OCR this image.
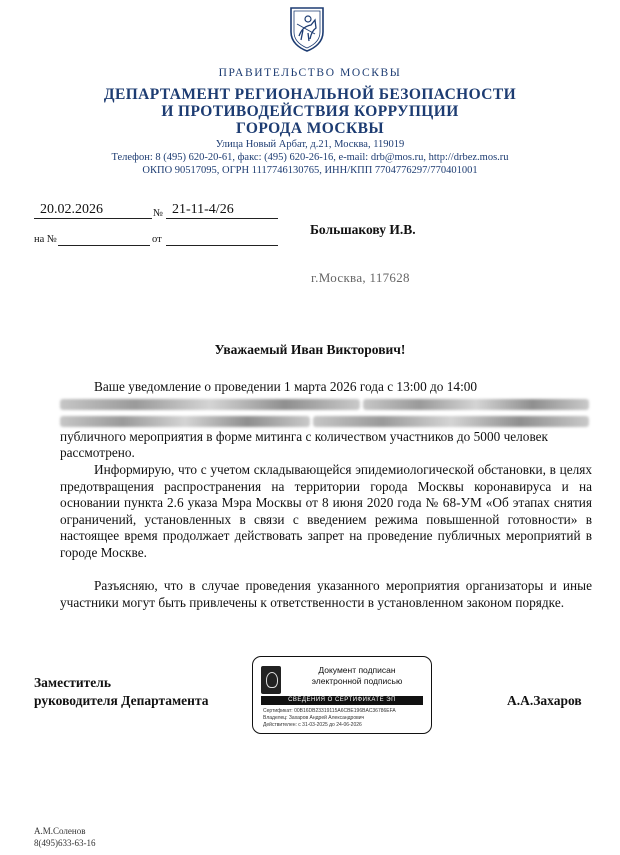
ПРАВИТЕЛЬСТВО МОСКВЫ
ДЕПАРТАМЕНТ РЕГИОНАЛЬНОЙ БЕЗОПАСНОСТИ
И ПРОТИВОДЕЙСТВИЯ КОРРУПЦИИ
ГОРОДА МОСКВЫ
Улица Новый Арбат, д.21, Москва, 119019
Телефон: 8 (495) 620-20-61, факс: (495) 620-26-16, e-mail: drb@mos.ru, http://drbez.mos.ru
ОКПО 90517095, ОГРН 1117746130765, ИНН/КПП 7704776297/770401001
20.02.2026	№ 21-11-4/26
на №	от
Большакову И.В.
г.Москва, 117628
Уважаемый Иван Викторович!

Ваше уведомление о проведении 1 марта 2026 года с 13:00 до 14:00

публичного мероприятия в форме митинга с количеством участников до 5000 человек
рассмотрено.

Информирую, что с учетом складывающейся эпидемиологической обстановки, в целях предотвращения распространения на территории города Москвы коронавируса и на основании пункта 2.6 указа Мэра Москвы от 8 июня 2020 года № 68-УМ «Об этапах снятия ограничений, установленных в связи с введением режима повышенной готовности» в настоящее время продолжает действовать запрет на проведение публичных мероприятий в городе Москве.

Разъясняю, что в случае проведения указанного мероприятия организаторы и иные участники могут быть привлечены к ответственности в установленном законом порядке.

Заместитель
руководителя Департамента	А.А.Захаров
Документ подписан
электронной подписью
СВЕДЕНИЯ О СЕРТИФИКАТЕ ЭП
Сертификат: 00B16DB23319115A6CBE196BAC36786EFA
Владелец: Захаров Андрей Александрович
Действителен: с 31-03-2025 до 24-06-2026
А.М.Соленов
8(495)633-63-16
